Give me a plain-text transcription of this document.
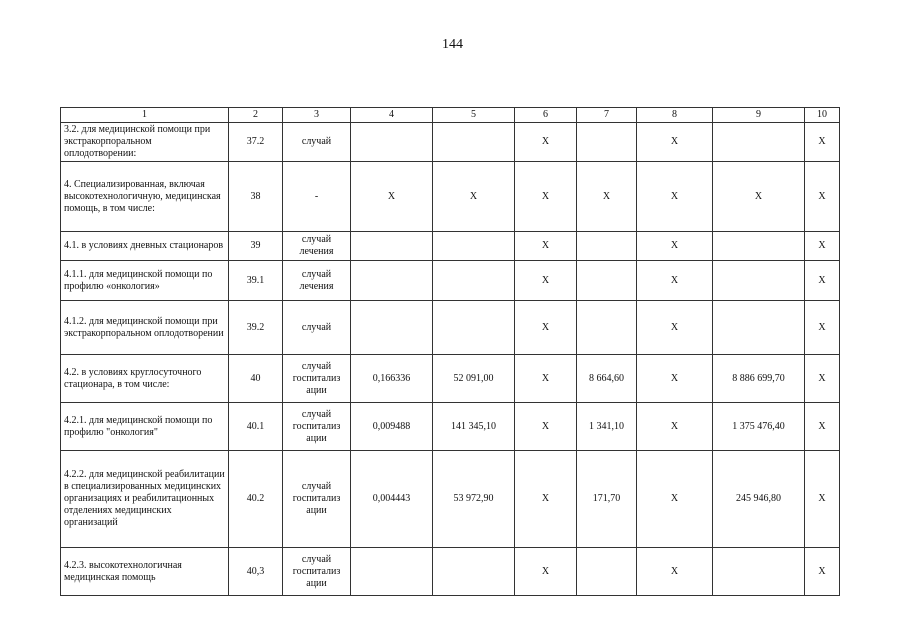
144
1	2	3	4	5	6	7	8	9	10
3.2. для медицинской помощи при экстракорпоральном оплодотворении:	37.2	случай			X		X		X
4. Специализированная, включая высокотехнологичную, медицинская помощь, в том числе:	38	-	X	X	X	X	X	X	X
4.1. в условиях дневных стационаров	39	случай лечения			X		X		X
4.1.1. для медицинской помощи по профилю «онкология»	39.1	случай лечения			X		X		X
4.1.2. для медицинской помощи при экстракорпоральном оплодотворении	39.2	случай			X		X		X
4.2. в условиях круглосуточного стационара, в том числе:	40	случай госпитализ ации	0,166336	52 091,00	X	8 664,60	X	8 886 699,70	X
4.2.1. для медицинской помощи по профилю "онкология"	40.1	случай госпитализ ации	0,009488	141 345,10	X	1 341,10	X	1 375 476,40	X
4.2.2. для медицинской реабилитации в специализированных медицинских организациях и реабилитационных отделениях медицинских организаций	40.2	случай госпитализ ации	0,004443	53 972,90	X	171,70	X	245 946,80	X
4.2.3. высокотехнологичная медицинская помощь	40,3	случай госпитализ ации			X		X		X
